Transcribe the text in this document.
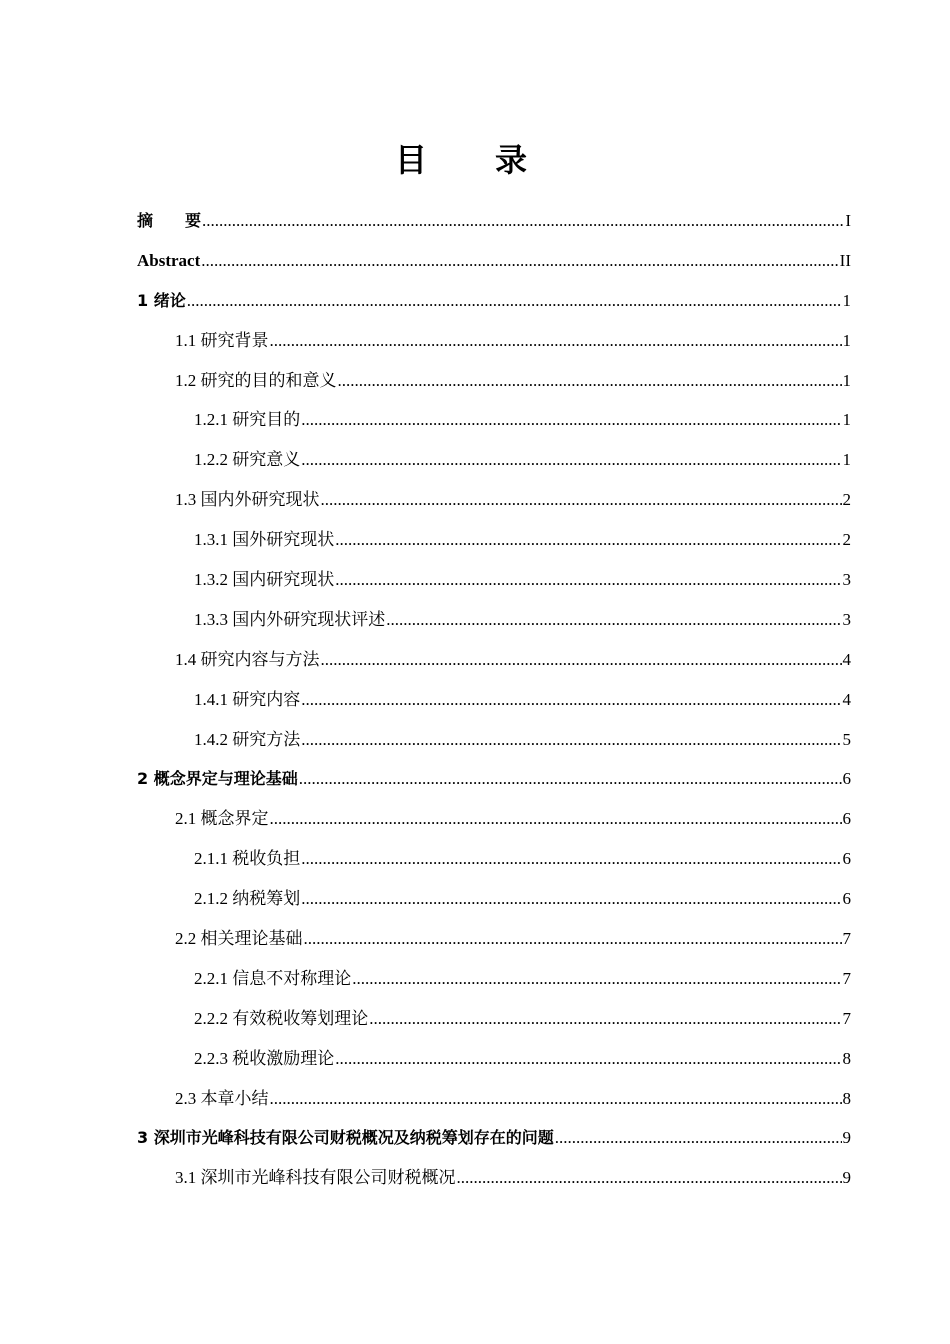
目录
摘　　要 .....	I
Abstract .....	II
1 绪论 .....	1
1.1 研究背景 .....	1
1.2 研究的目的和意义 .....	1
1.2.1 研究目的 .....	1
1.2.2 研究意义 .....	1
1.3 国内外研究现状 .....	2
1.3.1 国外研究现状 .....	2
1.3.2 国内研究现状 .....	3
1.3.3 国内外研究现状评述 .....	3
1.4 研究内容与方法 .....	4
1.4.1 研究内容 .....	4
1.4.2 研究方法 .....	5
2 概念界定与理论基础 .....	6
2.1 概念界定 .....	6
2.1.1 税收负担 .....	6
2.1.2 纳税筹划 .....	6
2.2 相关理论基础 .....	7
2.2.1 信息不对称理论 .....	7
2.2.2 有效税收筹划理论 .....	7
2.2.3 税收激励理论 .....	8
2.3 本章小结 .....	8
3 深圳市光峰科技有限公司财税概况及纳税筹划存在的问题 .....	9
3.1 深圳市光峰科技有限公司财税概况 .....	9
